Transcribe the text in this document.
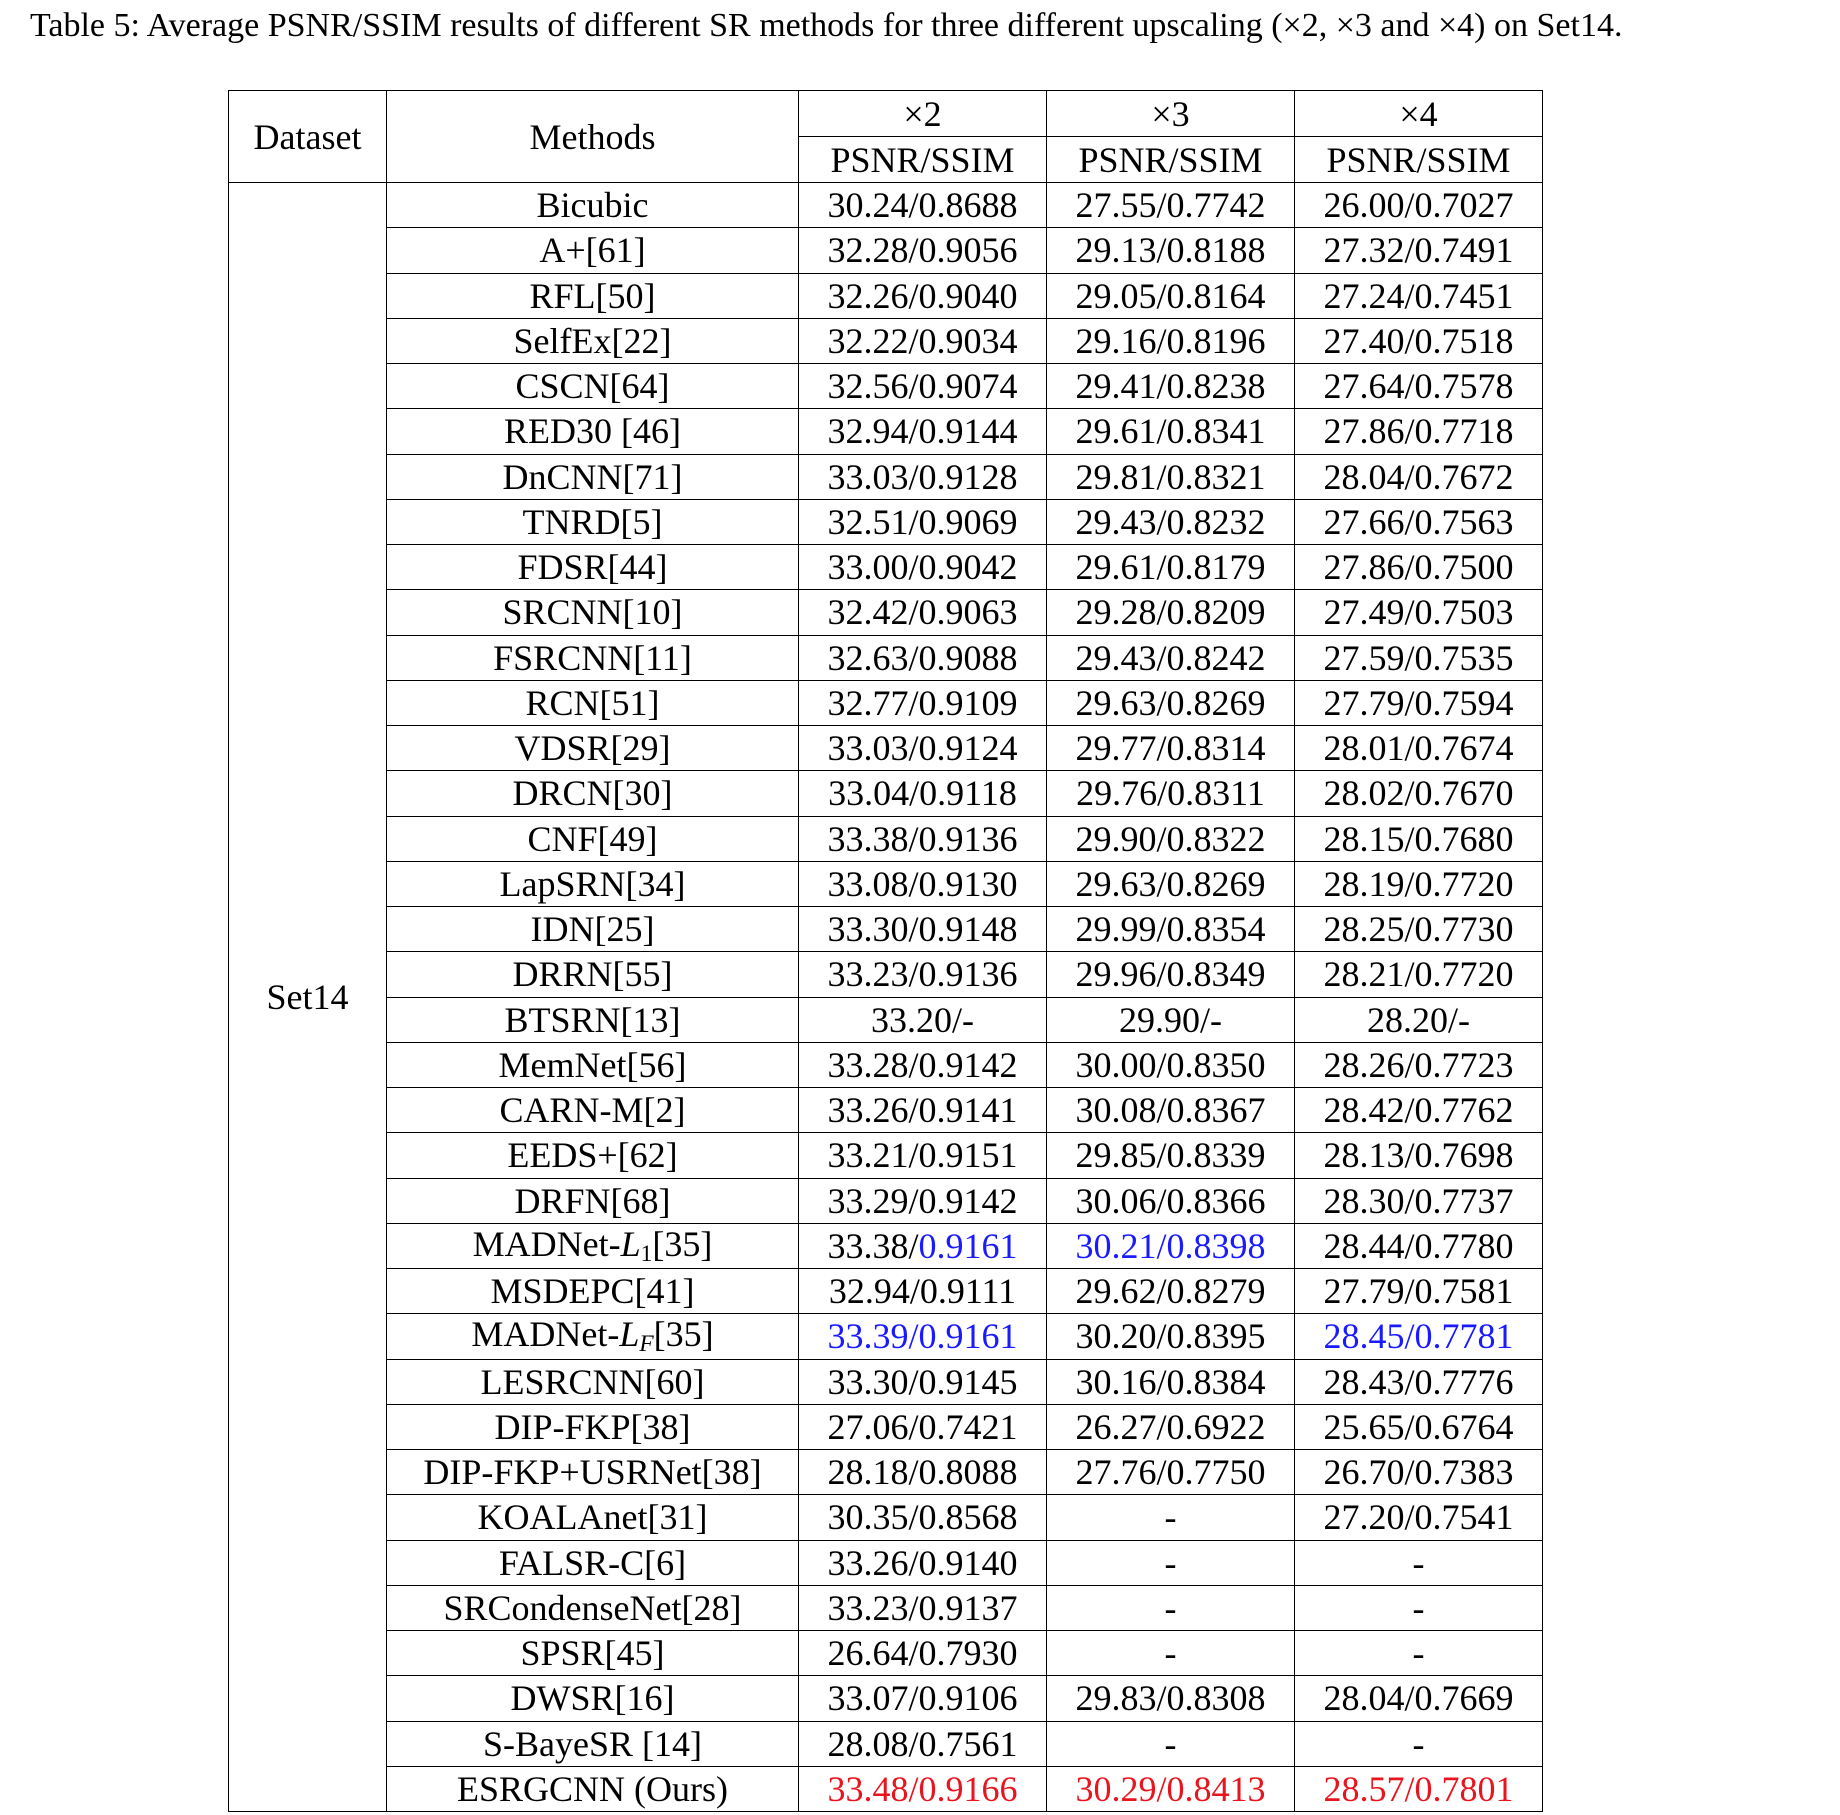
Table 5: Average PSNR/SSIM results of different SR methods for three different upscaling (×2, ×3 and ×4) on Set14.
Dataset	Methods	×2	×3	×4
		PSNR/SSIM	PSNR/SSIM	PSNR/SSIM
Set14	Bicubic	30.24/0.8688	27.55/0.7742	26.00/0.7027
	A+[61]	32.28/0.9056	29.13/0.8188	27.32/0.7491
	RFL[50]	32.26/0.9040	29.05/0.8164	27.24/0.7451
	SelfEx[22]	32.22/0.9034	29.16/0.8196	27.40/0.7518
	CSCN[64]	32.56/0.9074	29.41/0.8238	27.64/0.7578
	RED30 [46]	32.94/0.9144	29.61/0.8341	27.86/0.7718
	DnCNN[71]	33.03/0.9128	29.81/0.8321	28.04/0.7672
	TNRD[5]	32.51/0.9069	29.43/0.8232	27.66/0.7563
	FDSR[44]	33.00/0.9042	29.61/0.8179	27.86/0.7500
	SRCNN[10]	32.42/0.9063	29.28/0.8209	27.49/0.7503
	FSRCNN[11]	32.63/0.9088	29.43/0.8242	27.59/0.7535
	RCN[51]	32.77/0.9109	29.63/0.8269	27.79/0.7594
	VDSR[29]	33.03/0.9124	29.77/0.8314	28.01/0.7674
	DRCN[30]	33.04/0.9118	29.76/0.8311	28.02/0.7670
	CNF[49]	33.38/0.9136	29.90/0.8322	28.15/0.7680
	LapSRN[34]	33.08/0.9130	29.63/0.8269	28.19/0.7720
	IDN[25]	33.30/0.9148	29.99/0.8354	28.25/0.7730
	DRRN[55]	33.23/0.9136	29.96/0.8349	28.21/0.7720
	BTSRN[13]	33.20/-	29.90/-	28.20/-
	MemNet[56]	33.28/0.9142	30.00/0.8350	28.26/0.7723
	CARN-M[2]	33.26/0.9141	30.08/0.8367	28.42/0.7762
	EEDS+[62]	33.21/0.9151	29.85/0.8339	28.13/0.7698
	DRFN[68]	33.29/0.9142	30.06/0.8366	28.30/0.7737
	MADNet-$L_1[35]$	33.38/0.9161	30.21/0.8398	28.44/0.7780
	MSDEPC[41]	32.94/0.9111	29.62/0.8279	27.79/0.7581
	MADNet-$L_F[35]$	33.39/0.9161	30.20/0.8395	28.45/0.7781
	LESRCNN[60]	33.30/0.9145	30.16/0.8384	28.43/0.7776
	DIP-FKP[38]	27.06/0.7421	26.27/0.6922	25.65/0.6764
	DIP-FKP+USRNet[38]	28.18/0.8088	27.76/0.7750	26.70/0.7383
	KOALAnet[31]	30.35/0.8568	-	27.20/0.7541
	FALSR-C[6]	33.26/0.9140	-	-
	SRCondenseNet[28]	33.23/0.9137	-	-
	SPSR[45]	26.64/0.7930	-	-
	DWSR[16]	33.07/0.9106	29.83/0.8308	28.04/0.7669
	S-BayeSR [14]	28.08/0.7561	-	-
	ESRGCNN (Ours)	33.48/0.9166	30.29/0.8413	28.57/0.7801
